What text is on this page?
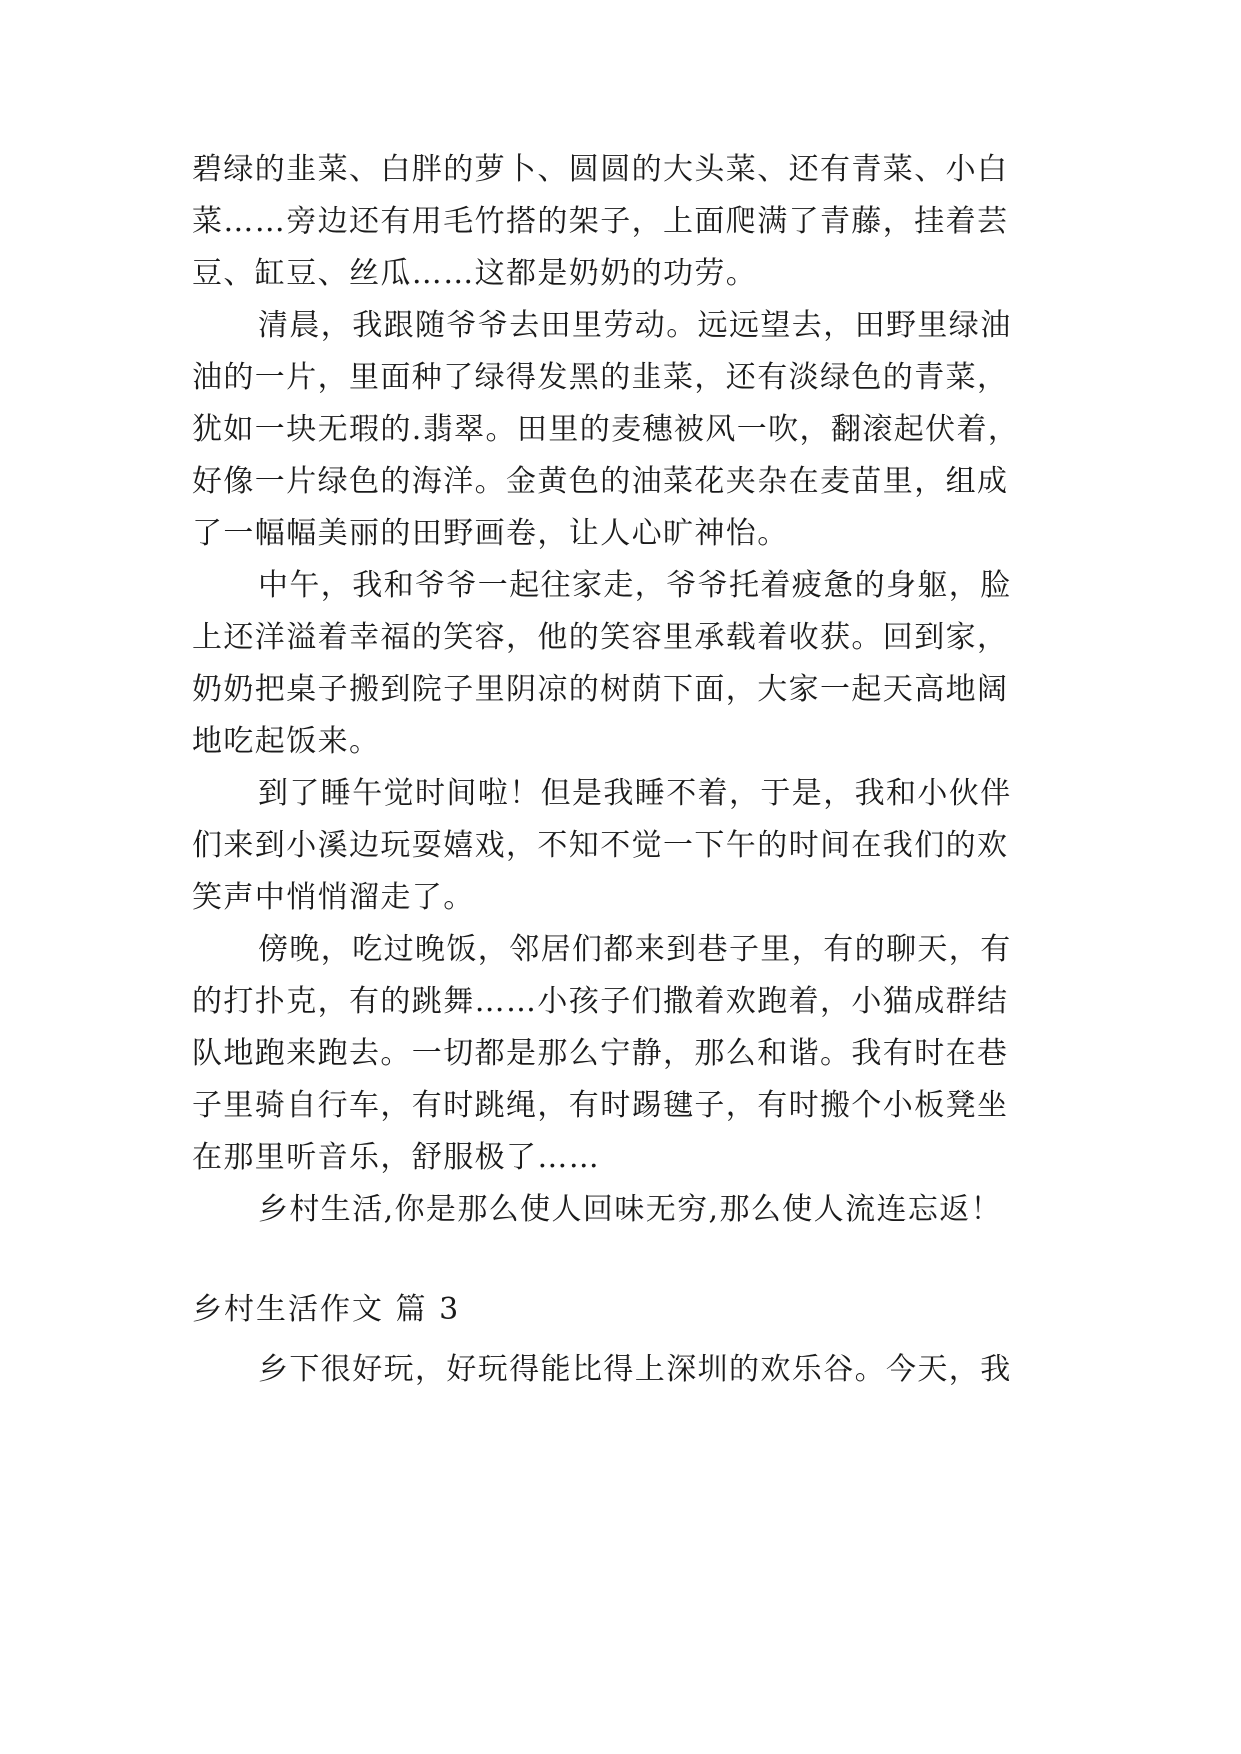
碧绿的韭菜、白胖的萝卜、圆圆的大头菜、还有青菜、小白
菜……旁边还有用毛竹搭的架子，上面爬满了青藤，挂着芸
豆、缸豆、丝瓜……这都是奶奶的功劳。
清晨，我跟随爷爷去田里劳动。远远望去，田野里绿油
油的一片，里面种了绿得发黑的韭菜，还有淡绿色的青菜，
犹如一块无瑕的.翡翠。田里的麦穗被风一吹，翻滚起伏着，
好像一片绿色的海洋。金黄色的油菜花夹杂在麦苗里，组成
了一幅幅美丽的田野画卷，让人心旷神怡。
中午，我和爷爷一起往家走，爷爷托着疲惫的身躯，脸
上还洋溢着幸福的笑容，他的笑容里承载着收获。回到家，
奶奶把桌子搬到院子里阴凉的树荫下面，大家一起天高地阔
地吃起饭来。
到了睡午觉时间啦！但是我睡不着，于是，我和小伙伴
们来到小溪边玩耍嬉戏，不知不觉一下午的时间在我们的欢
笑声中悄悄溜走了。
傍晚，吃过晚饭，邻居们都来到巷子里，有的聊天，有
的打扑克，有的跳舞……小孩子们撒着欢跑着，小猫成群结
队地跑来跑去。一切都是那么宁静，那么和谐。我有时在巷
子里骑自行车，有时跳绳，有时踢毽子，有时搬个小板凳坐
在那里听音乐，舒服极了……
乡村生活,你是那么使人回味无穷,那么使人流连忘返！
乡村生活作文 篇 3
乡下很好玩，好玩得能比得上深圳的欢乐谷。今天，我
